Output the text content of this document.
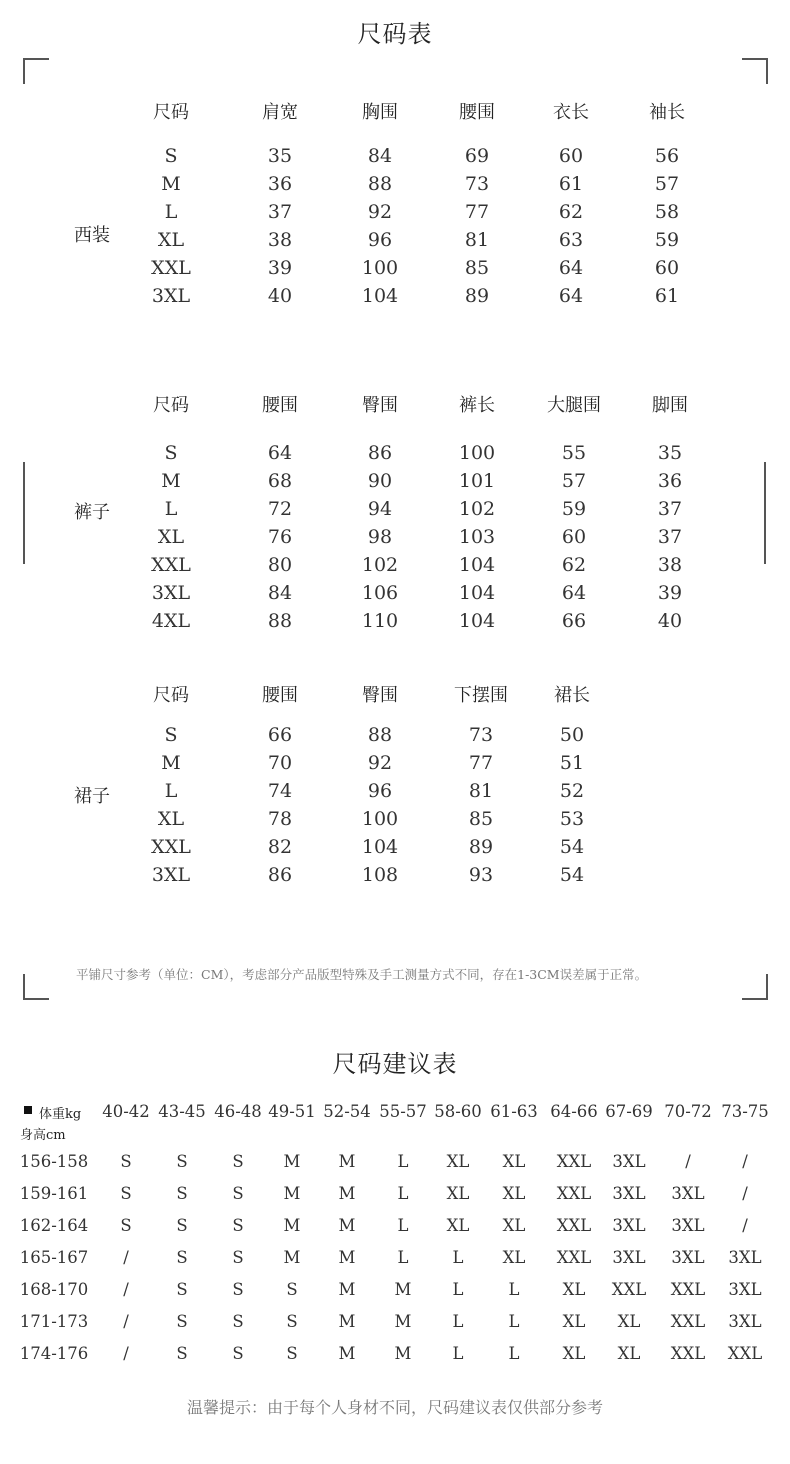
尺码表
西装
裤子
裙子
尺码	肩宽	胸围	腰围	衣长	袖长
S	35	84	69	60	56
M	36	88	73	61	57
L	37	92	77	62	58
XL	38	96	81	63	59
XXL	39	100	85	64	60
3XL	40	104	89	64	61
尺码	腰围	臀围	裤长	大腿围	脚围
S	64	86	100	55	35
M	68	90	101	57	36
L	72	94	102	59	37
XL	76	98	103	60	37
XXL	80	102	104	62	38
3XL	84	106	104	64	39
4XL	88	110	104	66	40
尺码	腰围	臀围	下摆围	裙长
S	66	88	73	50
M	70	92	77	51
L	74	96	81	52
XL	78	100	85	53
XXL	82	104	89	54
3XL	86	108	93	54
平铺尺寸参考（单位：CM），考虑部分产品版型特殊及手工测量方式不同，存在1-3CM误差属于正常。
尺码建议表
体重kg
身高cm
40-42 43-45 46-48 49-51 52-54 55-57 58-60 61-63 64-66 67-69 70-72 73-75
156-158 S	S	S M M	L XL XL XXL 3XL /	/
159-161 S	S	S M M	L XL XL XXL 3XL 3XL /
162-164 S	S	S M M	L XL XL XXL 3XL 3XL /
165-167 /	S	S M M	L	L XL XXL 3XL 3XL 3XL
168-170 /	S	S	S M M L	L	XL XXL XXL 3XL
171-173 /	S	S	S M M L	L	XL XL XXL 3XL
174-176 /	S	S	S M M L	L	XL XL XXL XXL
温馨提示：由于每个人身材不同，尺码建议表仅供部分参考
